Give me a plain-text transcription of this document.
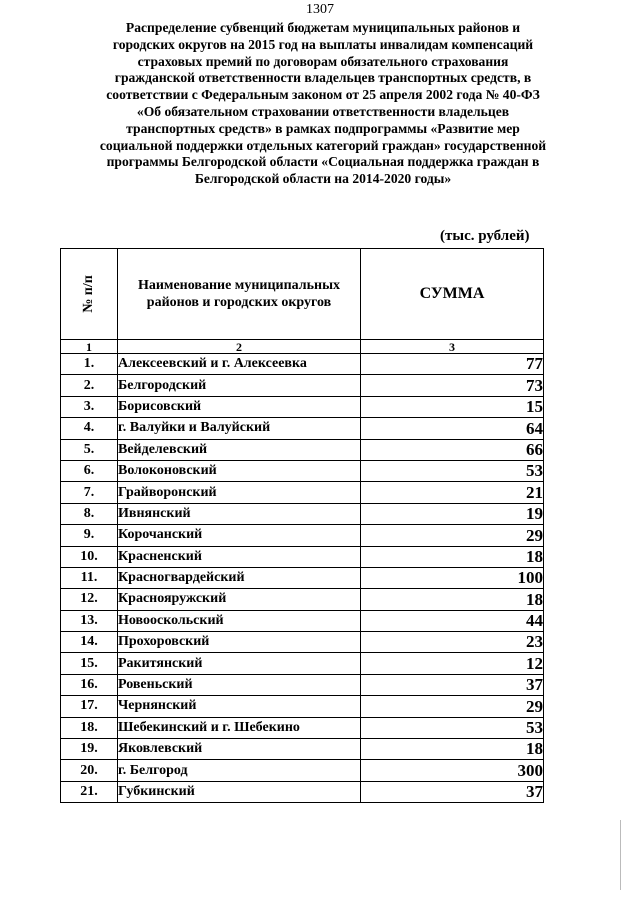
1307
Распределение субвенций бюджетам муниципальных районов и
городских округов на 2015 год на выплаты инвалидам компенсаций
страховых премий по договорам обязательного страхования
гражданской ответственности владельцев транспортных средств, в
соответствии с Федеральным законом от 25 апреля 2002 года № 40-ФЗ
«Об обязательном страховании ответственности владельцев
транспортных средств» в рамках подпрограммы «Развитие мер
социальной поддержки отдельных категорий граждан» государственной
программы Белгородской области «Социальная поддержка граждан в
Белгородской области на 2014-2020 годы»
(тыс. рублей)
№ п/п	Наименование муниципальных районов и городских округов	СУММА

1	2	3
1.	Алексеевский и г. Алексеевка	77
2.	Белгородский	73
3.	Борисовский	15
4.	г. Валуйки и Валуйский	64
5.	Вейделевский	66
6.	Волоконовский	53
7.	Грайворонский	21
8.	Ивнянский	19
9.	Корочанский	29
10.	Красненский	18
11.	Красногвардейский	100
12.	Краснояружский	18
13.	Новооскольский	44
14.	Прохоровский	23
15.	Ракитянский	12
16.	Ровеньский	37
17.	Чернянский	29
18.	Шебекинский и г. Шебекино	53
19.	Яковлевский	18
20.	г. Белгород	300
21.	Губкинский	37
